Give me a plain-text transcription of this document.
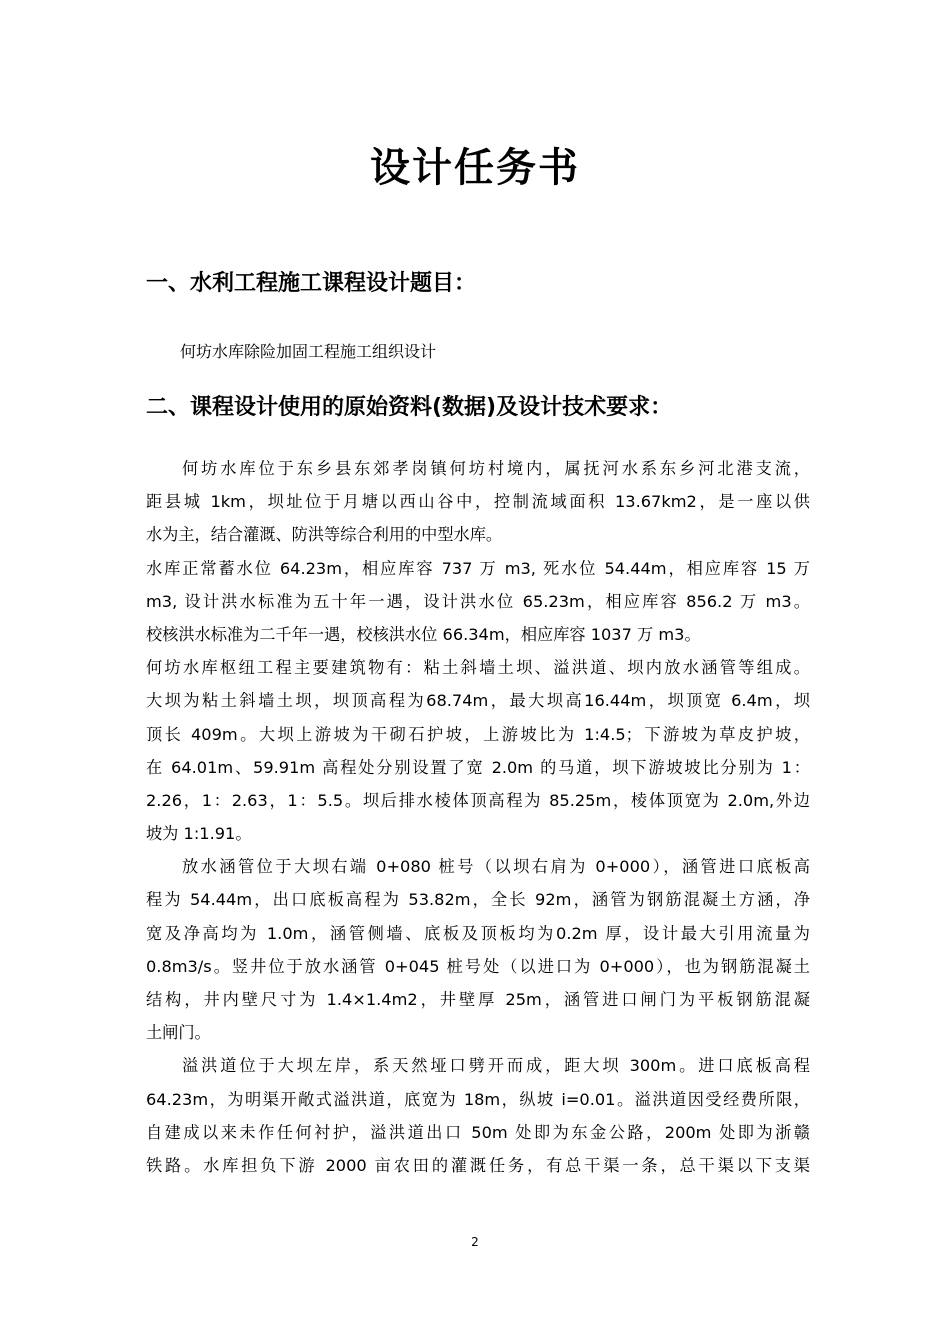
设计任务书
一、水利工程施工课程设计题目：

何坊水库除险加固工程施工组织设计

二、课程设计使用的原始资料(数据)及设计技术要求：
何坊水库位于东乡县东郊孝岗镇何坊村境内，属抚河水系东乡河北港支流，
距县城 1km，坝址位于月塘以西山谷中，控制流域面积 13.67km2，是一座以供
水为主，结合灌溉、防洪等综合利用的中型水库。
水库正常蓄水位 64.23m，相应库容 737 万 m3, 死水位 54.44m，相应库容 15 万
m3, 设计洪水标准为五十年一遇，设计洪水位 65.23m，相应库容 856.2 万 m3。
校核洪水标准为二千年一遇，校核洪水位 66.34m，相应库容 1037 万 m3。
何坊水库枢纽工程主要建筑物有：粘土斜墙土坝、溢洪道、坝内放水涵管等组成。
大坝为粘土斜墙土坝，坝顶高程为68.74m，最大坝高16.44m，坝顶宽 6.4m，坝
顶长 409m。大坝上游坡为干砌石护坡，上游坡比为 1:4.5；下游坡为草皮护坡，
在 64.01m、59.91m 高程处分别设置了宽 2.0m 的马道，坝下游坡坡比分别为 1：
2.26，1：2.63，1：5.5。坝后排水棱体顶高程为 85.25m，棱体顶宽为 2.0m,外边
坡为 1:1.91。
放水涵管位于大坝右端 0+080 桩号（以坝右肩为 0+000），涵管进口底板高
程为 54.44m，出口底板高程为 53.82m，全长 92m，涵管为钢筋混凝土方涵，净
宽及净高均为 1.0m，涵管侧墙、底板及顶板均为0.2m 厚，设计最大引用流量为
0.8m3/s。竖井位于放水涵管 0+045 桩号处（以进口为 0+000），也为钢筋混凝土
结构，井内壁尺寸为 1.4×1.4m2，井壁厚 25m，涵管进口闸门为平板钢筋混凝
土闸门。
溢洪道位于大坝左岸，系天然垭口劈开而成，距大坝 300m。进口底板高程
64.23m，为明渠开敞式溢洪道，底宽为 18m，纵坡 i=0.01。溢洪道因受经费所限，
自建成以来未作任何衬护，溢洪道出口 50m 处即为东金公路，200m 处即为浙赣
铁路。水库担负下游 2000 亩农田的灌溉任务，有总干渠一条，总干渠以下支渠

2
